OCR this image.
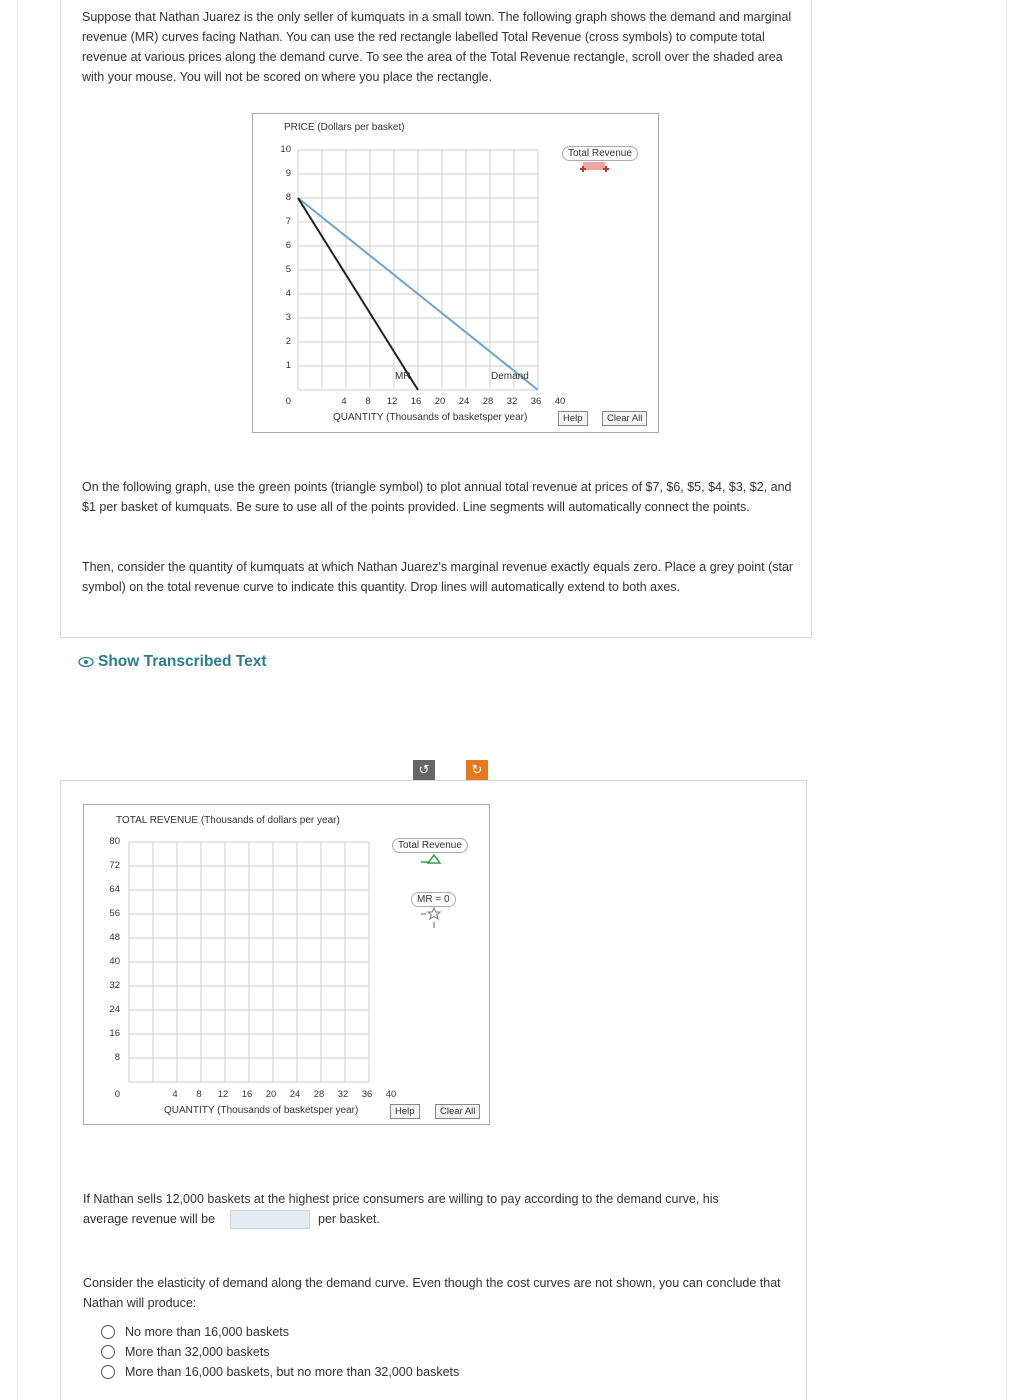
Suppose that Nathan Juarez is the only seller of kumquats in a small town. The following graph shows the demand and marginal revenue (MR) curves facing Nathan. You can use the red rectangle labelled Total Revenue (cross symbols) to compute total revenue at various prices along the demand curve. To see the area of the Total Revenue rectangle, scroll over the shaded area with your mouse. You will not be scored on where you place the rectangle.
PRICE (Dollars per basket)
10
9
8
7
6
5
4
3
2
1
0	4	8	12	16	20	24	28	32	36	40
QUANTITY (Thousands of basketsper year)
MR	Demand
Total Revenue
Help	Clear All
On the following graph, use the green points (triangle symbol) to plot annual total revenue at prices of $7, $6, $5, $4, $3, $2, and $1 per basket of kumquats. Be sure to use all of the points provided. Line segments will automatically connect the points.
Then, consider the quantity of kumquats at which Nathan Juarez's marginal revenue exactly equals zero. Place a grey point (star symbol) on the total revenue curve to indicate this quantity. Drop lines will automatically extend to both axes.
Show Transcribed Text
↺	↻
TOTAL REVENUE (Thousands of dollars per year)
80
72
64
56
48
40
32
24
16
8
0	4	8	12	16	20	24	28	32	36	40
QUANTITY (Thousands of basketsper year)
Total Revenue
MR = 0
Help	Clear All
If Nathan sells 12,000 baskets at the highest price consumers are willing to pay according to the demand curve, his
average revenue will be	per basket.
Consider the elasticity of demand along the demand curve. Even though the cost curves are not shown, you can conclude that Nathan will produce:
No more than 16,000 baskets
More than 32,000 baskets
More than 16,000 baskets, but no more than 32,000 baskets
